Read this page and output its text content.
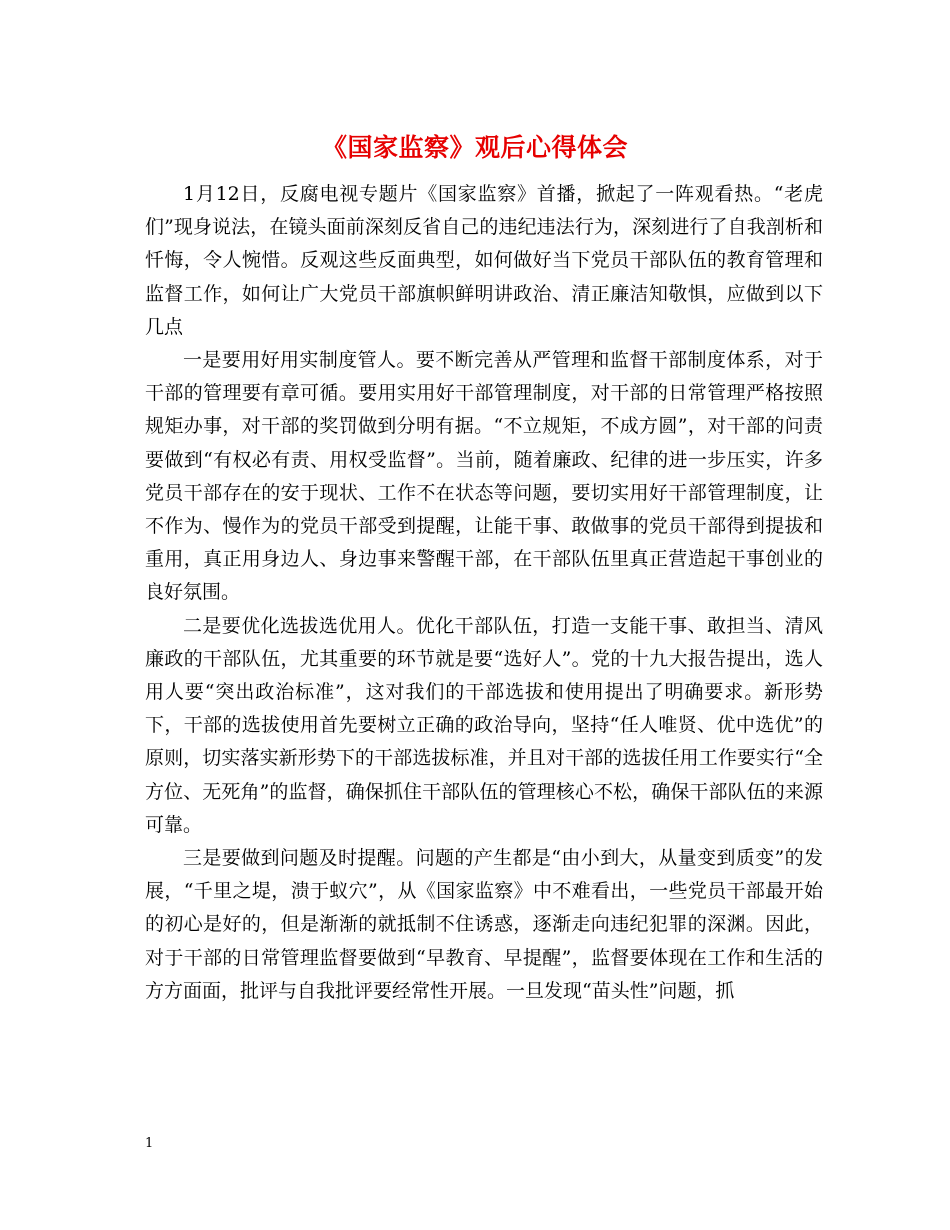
《国家监察》观后心得体会

1月12日，反腐电视专题片《国家监察》首播，掀起了一阵观看热。“老虎们”现身说法，在镜头面前深刻反省自己的违纪违法行为，深刻进行了自我剖析和忏悔，令人惋惜。反观这些反面典型，如何做好当下党员干部队伍的教育管理和监督工作，如何让广大党员干部旗帜鲜明讲政治、清正廉洁知敬惧，应做到以下几点

一是要用好用实制度管人。要不断完善从严管理和监督干部制度体系，对于干部的管理要有章可循。要用实用好干部管理制度，对干部的日常管理严格按照规矩办事，对干部的奖罚做到分明有据。“不立规矩，不成方圆”，对干部的问责要做到“有权必有责、用权受监督”。当前，随着廉政、纪律的进一步压实，许多党员干部存在的安于现状、工作不在状态等问题，要切实用好干部管理制度，让不作为、慢作为的党员干部受到提醒，让能干事、敢做事的党员干部得到提拔和重用，真正用身边人、身边事来警醒干部，在干部队伍里真正营造起干事创业的良好氛围。

二是要优化选拔选优用人。优化干部队伍，打造一支能干事、敢担当、清风廉政的干部队伍，尤其重要的环节就是要“选好人”。党的十九大报告提出，选人用人要“突出政治标准”，这对我们的干部选拔和使用提出了明确要求。新形势下，干部的选拔使用首先要树立正确的政治导向，坚持“任人唯贤、优中选优”的原则，切实落实新形势下的干部选拔标准，并且对干部的选拔任用工作要实行“全方位、无死角”的监督，确保抓住干部队伍的管理核心不松，确保干部队伍的来源可靠。

三是要做到问题及时提醒。问题的产生都是“由小到大，从量变到质变”的发展，“千里之堤，溃于蚁穴”，从《国家监察》中不难看出，一些党员干部最开始的初心是好的，但是渐渐的就抵制不住诱惑，逐渐走向违纪犯罪的深渊。因此，对于干部的日常管理监督要做到“早教育、早提醒”，监督要体现在工作和生活的方方面面，批评与自我批评要经常性开展。一旦发现“苗头性”问题，抓

1
